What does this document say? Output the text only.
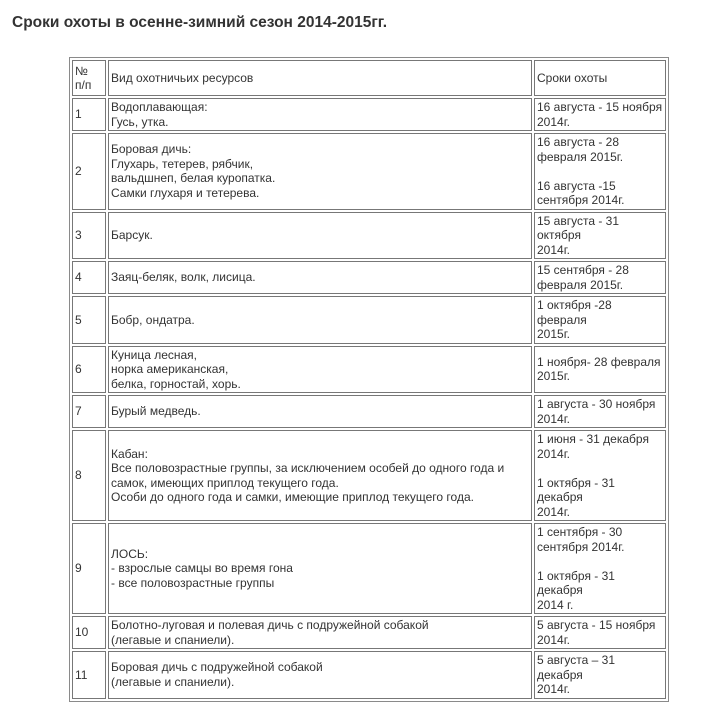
Сроки охоты в осенне-зимний сезон 2014-2015гг.
№
п/п	Вид охотничьих ресурсов	Сроки охоты
1	Водоплавающая:
Гусь, утка.	16 августа - 15 ноября
2014г.

2	Боровая дичь:
Глухарь, тетерев, рябчик,
вальдшнеп, белая куропатка.
Самки глухаря и тетерева.	16 августа - 28
февраля 2015г.
16 августа -15
сентября 2014г.

3	Барсук.	15 августа - 31 октября
2014г.

4	Заяц-беляк, волк, лисица.	15 сентября - 28
февраля 2015г.

5	Бобр, ондатра.	1 октября -28 февраля
2015г.

6	Куница лесная,
норка американская,
белка, горностай, хорь.	1 ноября- 28 февраля
2015г.

7	Бурый медведь.	1 августа - 30 ноября
2014г.

8	Кабан:
Все половозрастные группы, за исключением особей до одного года и
самок, имеющих приплод текущего года.
Особи до одного года и самки, имеющие приплод текущего года.	1 июня - 31 декабря
2014г.
1 октября - 31 декабря
2014г.

9	ЛОСЬ:
- взрослые самцы во время гона
- все половозрастные группы	1 сентября - 30
сентября 2014г.
1 октября - 31 декабря
2014 г.

10	Болотно-луговая и полевая дичь с подружейной собакой
(легавые и спаниели).	5 августа - 15 ноября
2014г.

11	Боровая дичь с подружейной собакой
(легавые и спаниели).	5 августа – 31 декабря
2014г.
